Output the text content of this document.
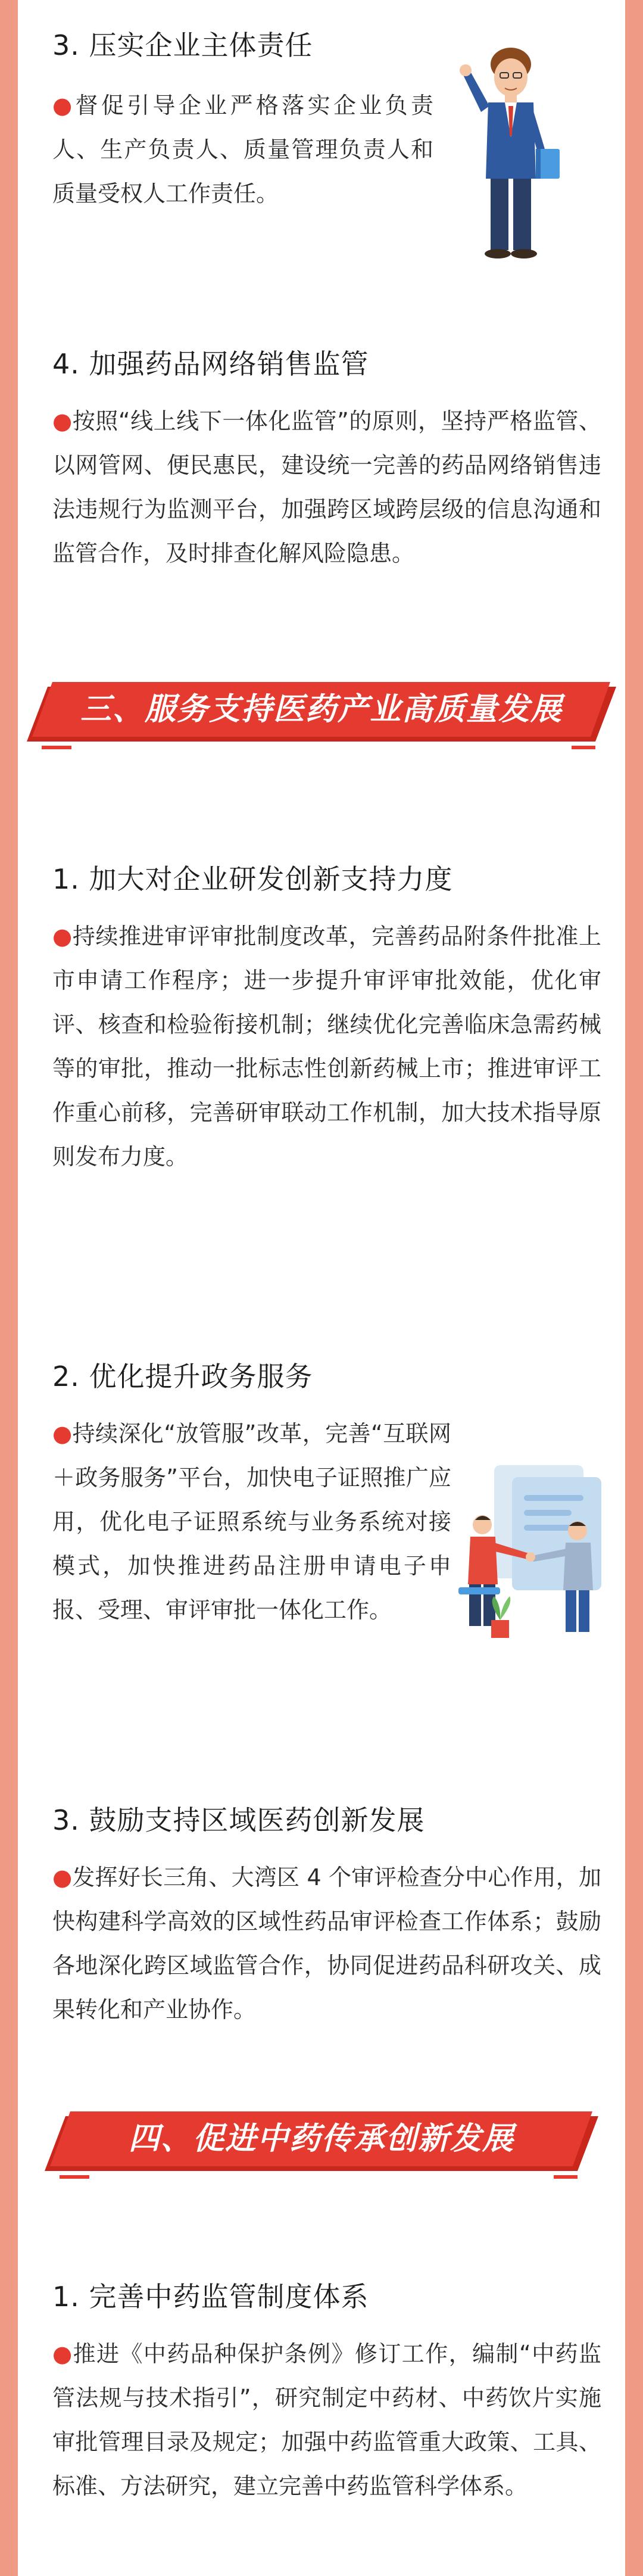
3. 压实企业主体责任
●督促引导企业严格落实企业负责人、生产负责人、质量管理负责人和质量受权人工作责任。
4. 加强药品网络销售监管
●按照“线上线下一体化监管”的原则，坚持严格监管、以网管网、便民惠民，建设统一完善的药品网络销售违法违规行为监测平台，加强跨区域跨层级的信息沟通和监管合作，及时排查化解风险隐患。
三、服务支持医药产业高质量发展
1. 加大对企业研发创新支持力度
●持续推进审评审批制度改革，完善药品附条件批准上市申请工作程序；进一步提升审评审批效能，优化审评、核查和检验衔接机制；继续优化完善临床急需药械等的审批，推动一批标志性创新药械上市；推进审评工作重心前移，完善研审联动工作机制，加大技术指导原则发布力度。
2. 优化提升政务服务
●持续深化“放管服”改革，完善“互联网＋政务服务”平台，加快电子证照推广应用，优化电子证照系统与业务系统对接模式，加快推进药品注册申请电子申报、受理、审评审批一体化工作。
3. 鼓励支持区域医药创新发展
●发挥好长三角、大湾区 4 个审评检查分中心作用，加快构建科学高效的区域性药品审评检查工作体系；鼓励各地深化跨区域监管合作，协同促进药品科研攻关、成果转化和产业协作。
四、促进中药传承创新发展
1. 完善中药监管制度体系
●推进《中药品种保护条例》修订工作，编制“中药监管法规与技术指引”，研究制定中药材、中药饮片实施审批管理目录及规定；加强中药监管重大政策、工具、标准、方法研究，建立完善中药监管科学体系。
